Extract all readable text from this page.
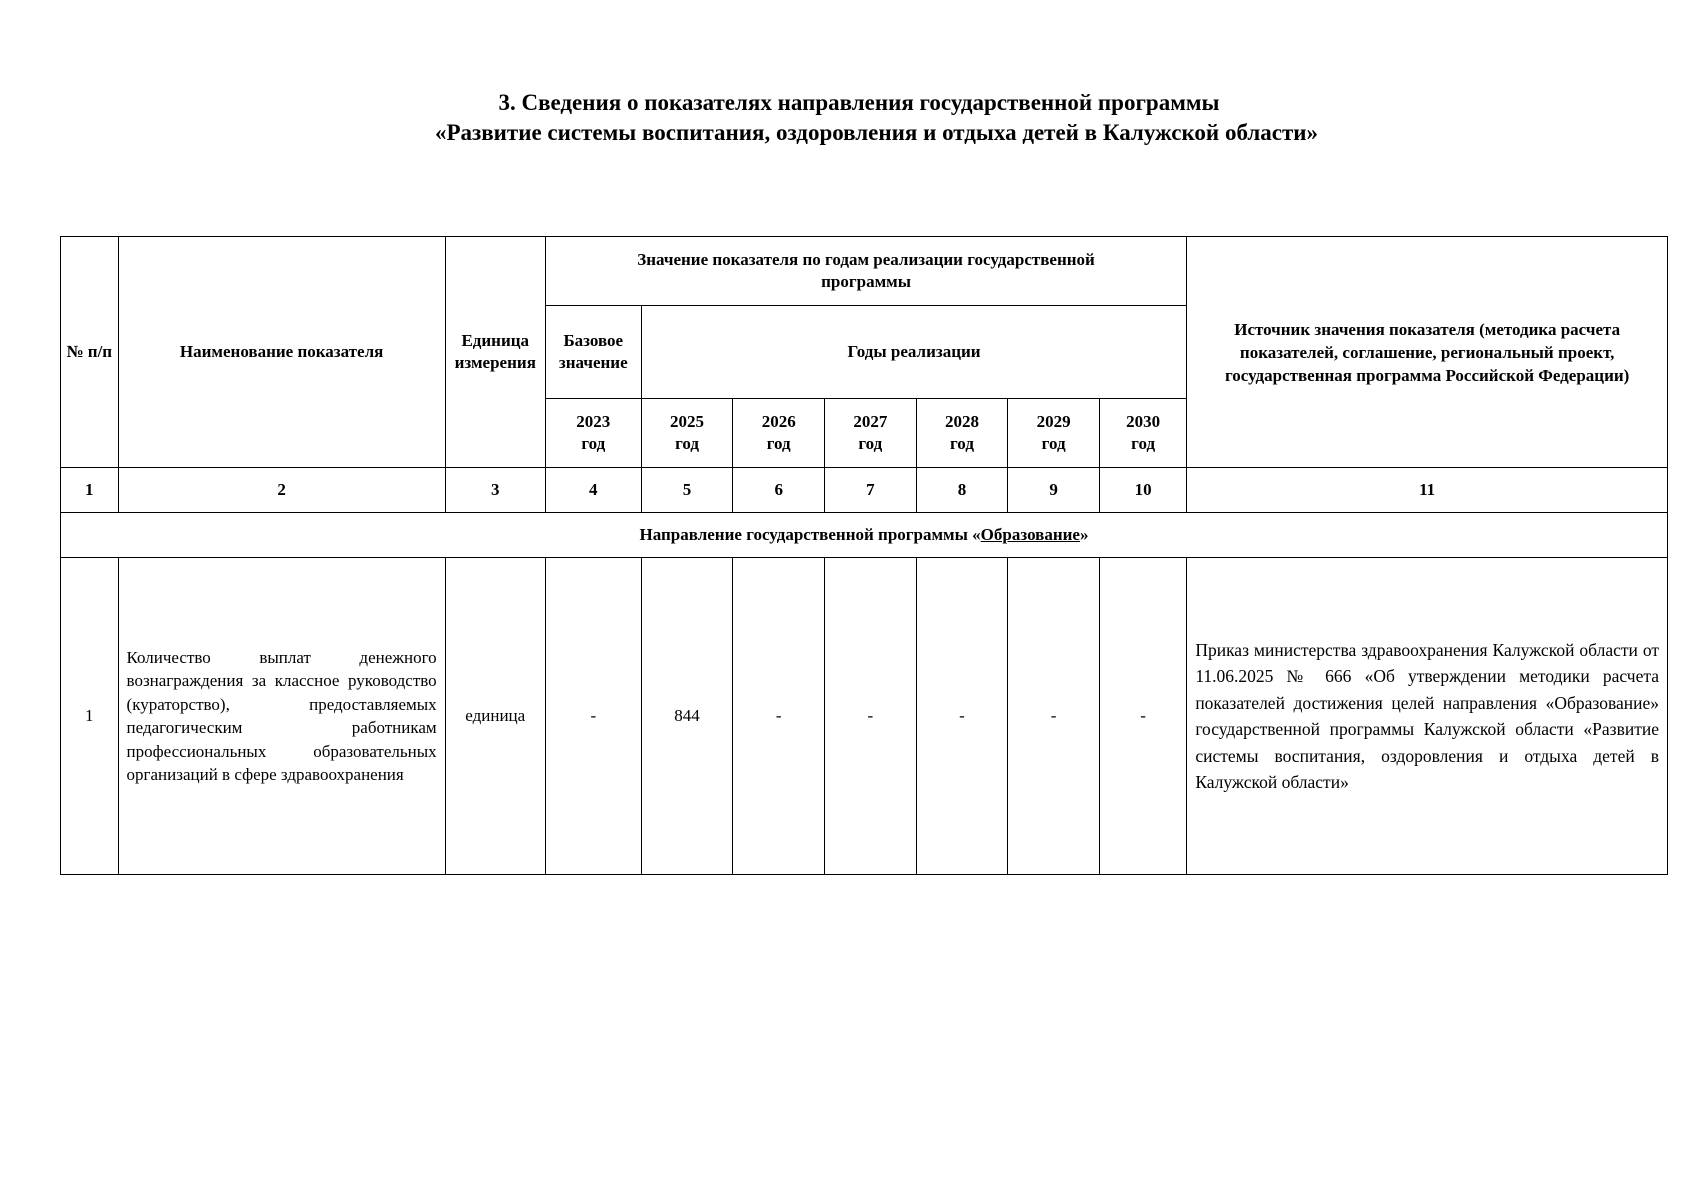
3. Сведения о показателях направления государственной программы
«Развитие системы воспитания, оздоровления и отдыха детей в Калужской области»
№ п/п	Наименование показателя	Единица измерения	Значение показателя по годам реализации государственной программы							Источник значения показателя (методика расчета показателей, соглашение, региональный проект, государственная программа Российской Федерации)

			Базовое значение	Годы реализации						

			2023 год	2025 год	2026 год	2027 год	2028 год	2029 год	2030 год	

1	2	3	4	5	6	7	8	9	10	11
Направление государственной программы «Образование»										
1	Количество выплат денежного вознаграждения за классное руководство (кураторство), предоставляемых педагогическим работникам профессиональных образовательных организаций в сфере здравоохранения	единица	-	844	-	-	-	-	-	Приказ министерства здравоохранения Калужской области от 11.06.2025 № 666 «Об утверждении методики расчета показателей достижения целей направления «Образование» государственной программы Калужской области «Развитие системы воспитания, оздоровления и отдыха детей в Калужской области»
